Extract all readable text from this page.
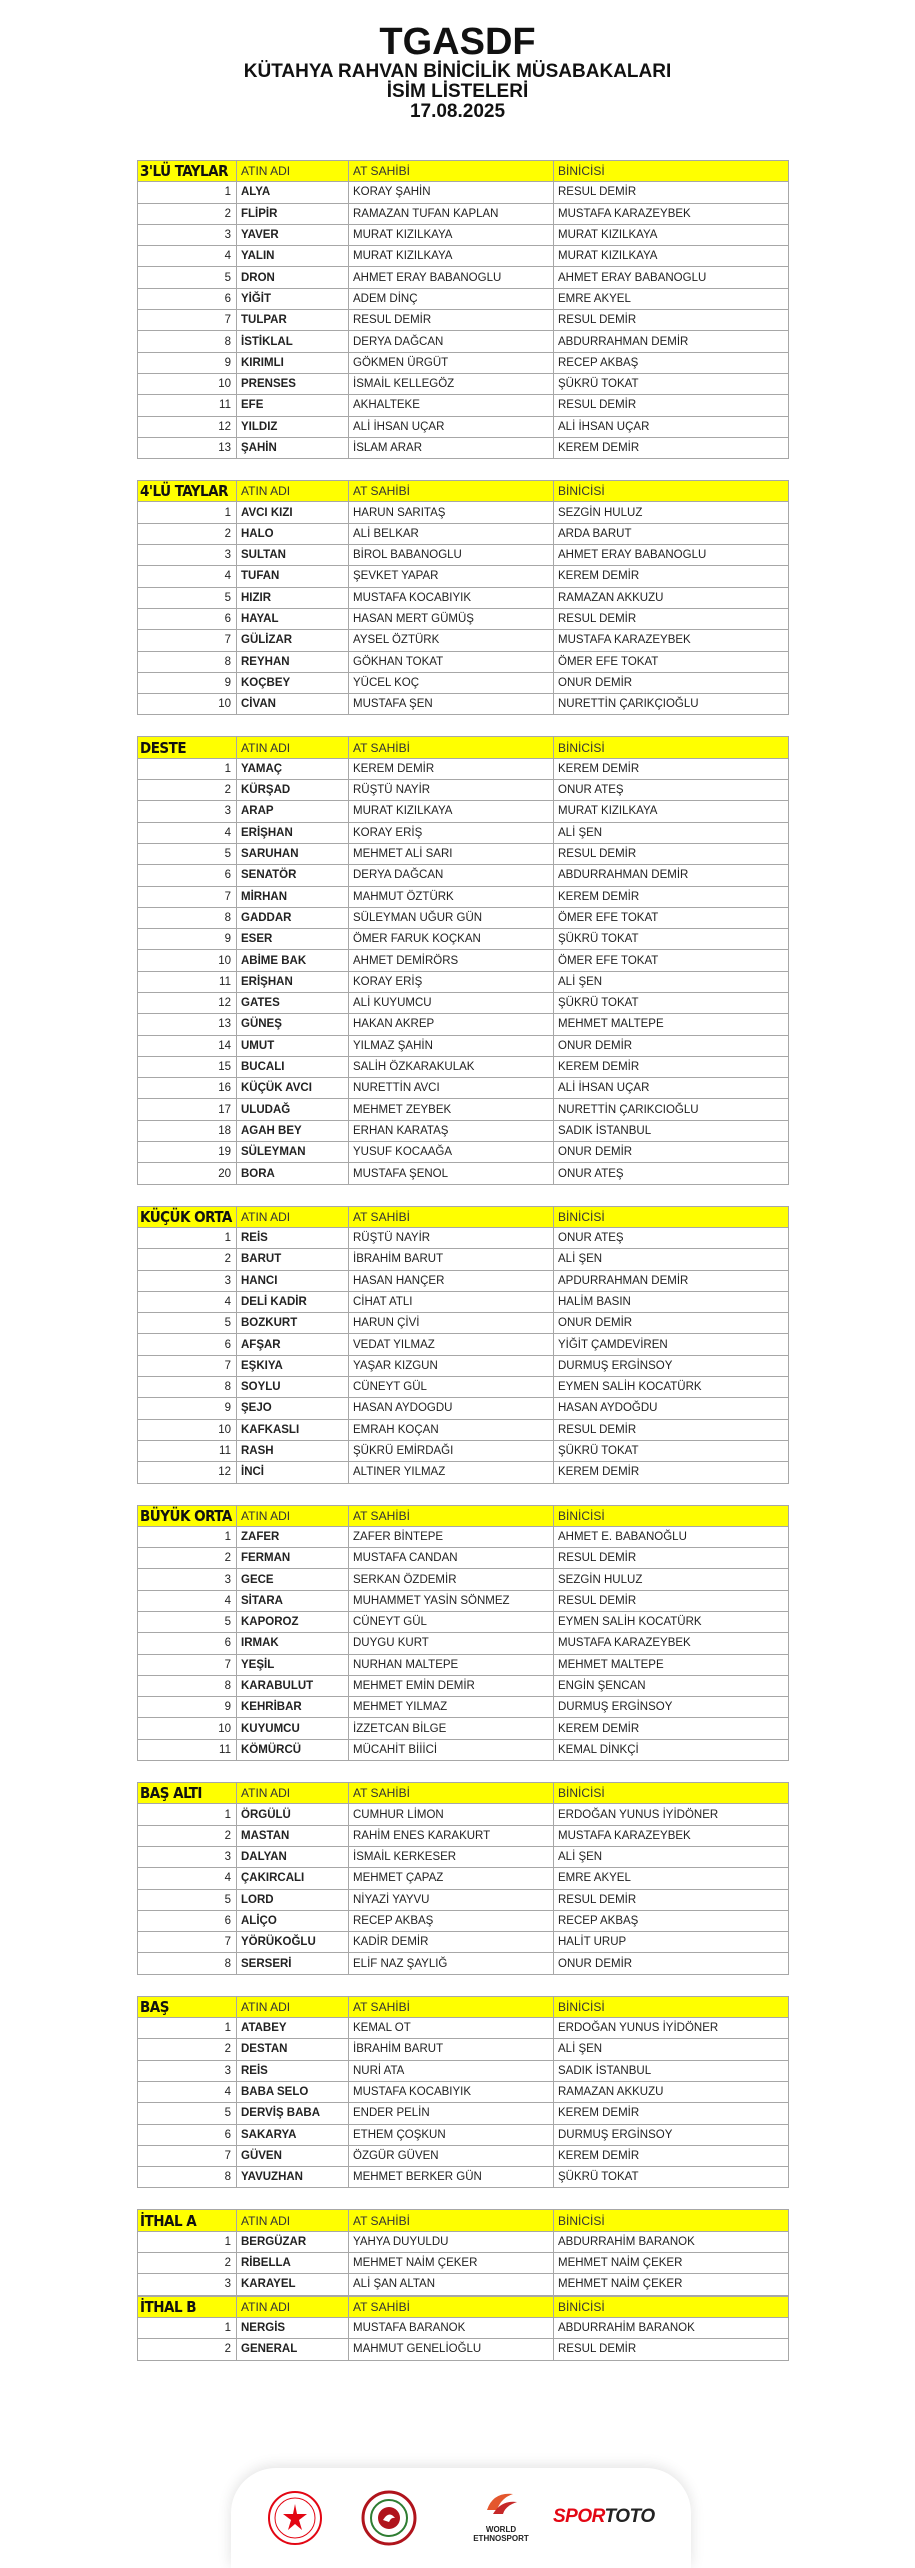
TGASDF
KÜTAHYA RAHVAN BİNİCİLİK MÜSABAKALARI
İSİM LİSTELERİ
17.08.2025
3'LÜ TAYLAR	ATIN ADI	AT SAHİBİ	BİNİCİSİ
1	ALYA	KORAY ŞAHİN	RESUL DEMİR
2	FLİPİR	RAMAZAN TUFAN KAPLAN	MUSTAFA KARAZEYBEK
3	YAVER	MURAT KIZILKAYA	MURAT KIZILKAYA
4	YALIN	MURAT KIZILKAYA	MURAT KIZILKAYA
5	DRON	AHMET ERAY BABANOGLU	AHMET ERAY BABANOGLU
6	YİĞİT	ADEM DİNÇ	EMRE AKYEL
7	TULPAR	RESUL DEMİR	RESUL DEMİR
8	İSTİKLAL	DERYA DAĞCAN	ABDURRAHMAN DEMİR
9	KIRIMLI	GÖKMEN ÜRGÜT	RECEP AKBAŞ
10	PRENSES	İSMAİL KELLEGÖZ	ŞÜKRÜ TOKAT
11	EFE	AKHALTEKE	RESUL DEMİR
12	YILDIZ	ALİ İHSAN UÇAR	ALİ İHSAN UÇAR
13	ŞAHİN	İSLAM ARAR	KEREM DEMİR
4'LÜ TAYLAR	ATIN ADI	AT SAHİBİ	BİNİCİSİ
1	AVCI KIZI	HARUN SARITAŞ	SEZGİN HULUZ
2	HALO	ALİ BELKAR	ARDA BARUT
3	SULTAN	BİROL BABANOGLU	AHMET ERAY BABANOGLU
4	TUFAN	ŞEVKET YAPAR	KEREM DEMİR
5	HIZIR	MUSTAFA KOCABIYIK	RAMAZAN AKKUZU
6	HAYAL	HASAN MERT GÜMÜŞ	RESUL DEMİR
7	GÜLİZAR	AYSEL ÖZTÜRK	MUSTAFA KARAZEYBEK
8	REYHAN	GÖKHAN TOKAT	ÖMER EFE TOKAT
9	KOÇBEY	YÜCEL KOÇ	ONUR DEMİR
10	CİVAN	MUSTAFA ŞEN	NURETTİN ÇARIKÇIOĞLU
DESTE	ATIN ADI	AT SAHİBİ	BİNİCİSİ
1	YAMAÇ	KEREM DEMİR	KEREM DEMİR
2	KÜRŞAD	RÜŞTÜ NAYİR	ONUR ATEŞ
3	ARAP	MURAT KIZILKAYA	MURAT KIZILKAYA
4	ERİŞHAN	KORAY ERİŞ	ALİ ŞEN
5	SARUHAN	MEHMET ALİ SARI	RESUL DEMİR
6	SENATÖR	DERYA DAĞCAN	ABDURRAHMAN DEMİR
7	MİRHAN	MAHMUT ÖZTÜRK	KEREM DEMİR
8	GADDAR	SÜLEYMAN UĞUR GÜN	ÖMER EFE TOKAT
9	ESER	ÖMER FARUK KOÇKAN	ŞÜKRÜ TOKAT
10	ABİME BAK	AHMET DEMİRÖRS	ÖMER EFE TOKAT
11	ERİŞHAN	KORAY ERİŞ	ALİ ŞEN
12	GATES	ALİ KUYUMCU	ŞÜKRÜ TOKAT
13	GÜNEŞ	HAKAN AKREP	MEHMET MALTEPE
14	UMUT	YILMAZ ŞAHİN	ONUR DEMİR
15	BUCALI	SALİH ÖZKARAKULAK	KEREM DEMİR
16	KÜÇÜK AVCI	NURETTİN AVCI	ALİ İHSAN UÇAR
17	ULUDAĞ	MEHMET ZEYBEK	NURETTİN ÇARIKCIOĞLU
18	AGAH BEY	ERHAN KARATAŞ	SADIK İSTANBUL
19	SÜLEYMAN	YUSUF KOCAAĞA	ONUR DEMİR
20	BORA	MUSTAFA ŞENOL	ONUR ATEŞ
KÜÇÜK ORTA	ATIN ADI	AT SAHİBİ	BİNİCİSİ
1	REİS	RÜŞTÜ NAYİR	ONUR ATEŞ
2	BARUT	İBRAHİM BARUT	ALİ ŞEN
3	HANCI	HASAN HANÇER	APDURRAHMAN DEMİR
4	DELİ KADİR	CİHAT ATLI	HALİM BASIN
5	BOZKURT	HARUN ÇİVİ	ONUR DEMİR
6	AFŞAR	VEDAT YILMAZ	YİĞİT ÇAMDEVİREN
7	EŞKIYA	YAŞAR KIZGUN	DURMUŞ ERGİNSOY
8	SOYLU	CÜNEYT GÜL	EYMEN SALİH KOCATÜRK
9	ŞEJO	HASAN AYDOGDU	HASAN AYDOĞDU
10	KAFKASLI	EMRAH KOÇAN	RESUL DEMİR
11	RASH	ŞÜKRÜ EMİRDAĞI	ŞÜKRÜ TOKAT
12	İNCİ	ALTINER YILMAZ	KEREM DEMİR
BÜYÜK ORTA	ATIN ADI	AT SAHİBİ	BİNİCİSİ
1	ZAFER	ZAFER BİNTEPE	AHMET E. BABANOĞLU
2	FERMAN	MUSTAFA CANDAN	RESUL DEMİR
3	GECE	SERKAN ÖZDEMİR	SEZGİN HULUZ
4	SİTARA	MUHAMMET YASİN SÖNMEZ	RESUL DEMİR
5	KAPOROZ	CÜNEYT GÜL	EYMEN SALİH KOCATÜRK
6	IRMAK	DUYGU KURT	MUSTAFA KARAZEYBEK
7	YEŞİL	NURHAN MALTEPE	MEHMET MALTEPE
8	KARABULUT	MEHMET EMİN DEMİR	ENGİN ŞENCAN
9	KEHRİBAR	MEHMET YILMAZ	DURMUŞ ERGİNSOY
10	KUYUMCU	İZZETCAN BİLGE	KEREM DEMİR
11	KÖMÜRCÜ	MÜCAHİT BİİİCİ	KEMAL DİNKÇİ
BAŞ ALTI	ATIN ADI	AT SAHİBİ	BİNİCİSİ
1	ÖRGÜLÜ	CUMHUR LİMON	ERDOĞAN YUNUS İYİDÖNER
2	MASTAN	RAHİM ENES KARAKURT	MUSTAFA KARAZEYBEK
3	DALYAN	İSMAİL KERKESER	ALİ ŞEN
4	ÇAKIRCALI	MEHMET ÇAPAZ	EMRE AKYEL
5	LORD	NİYAZİ YAYVU	RESUL DEMİR
6	ALİÇO	RECEP AKBAŞ	RECEP AKBAŞ
7	YÖRÜKOĞLU	KADİR DEMİR	HALİT URUP
8	SERSERİ	ELİF NAZ ŞAYLIĞ	ONUR DEMİR
BAŞ	ATIN ADI	AT SAHİBİ	BİNİCİSİ
1	ATABEY	KEMAL OT	ERDOĞAN YUNUS İYİDÖNER
2	DESTAN	İBRAHİM BARUT	ALİ ŞEN
3	REİS	NURİ ATA	SADIK İSTANBUL
4	BABA SELO	MUSTAFA KOCABIYIK	RAMAZAN AKKUZU
5	DERVİŞ BABA	ENDER PELİN	KEREM DEMİR
6	SAKARYA	ETHEM ÇOŞKUN	DURMUŞ ERGİNSOY
7	GÜVEN	ÖZGÜR GÜVEN	KEREM DEMİR
8	YAVUZHAN	MEHMET BERKER GÜN	ŞÜKRÜ TOKAT
İTHAL A	ATIN ADI	AT SAHİBİ	BİNİCİSİ
1	BERGÜZAR	YAHYA DUYULDU	ABDURRAHİM BARANOK
2	RİBELLA	MEHMET NAİM ÇEKER	MEHMET NAİM ÇEKER
3	KARAYEL	ALİ ŞAN ALTAN	MEHMET NAİM ÇEKER
İTHAL B	ATIN ADI	AT SAHİBİ	BİNİCİSİ
1	NERGİS	MUSTAFA BARANOK	ABDURRAHİM BARANOK
2	GENERAL	MAHMUT GENELİOĞLU	RESUL DEMİR
WORLD ETHNOSPORT
SPORTOTO
